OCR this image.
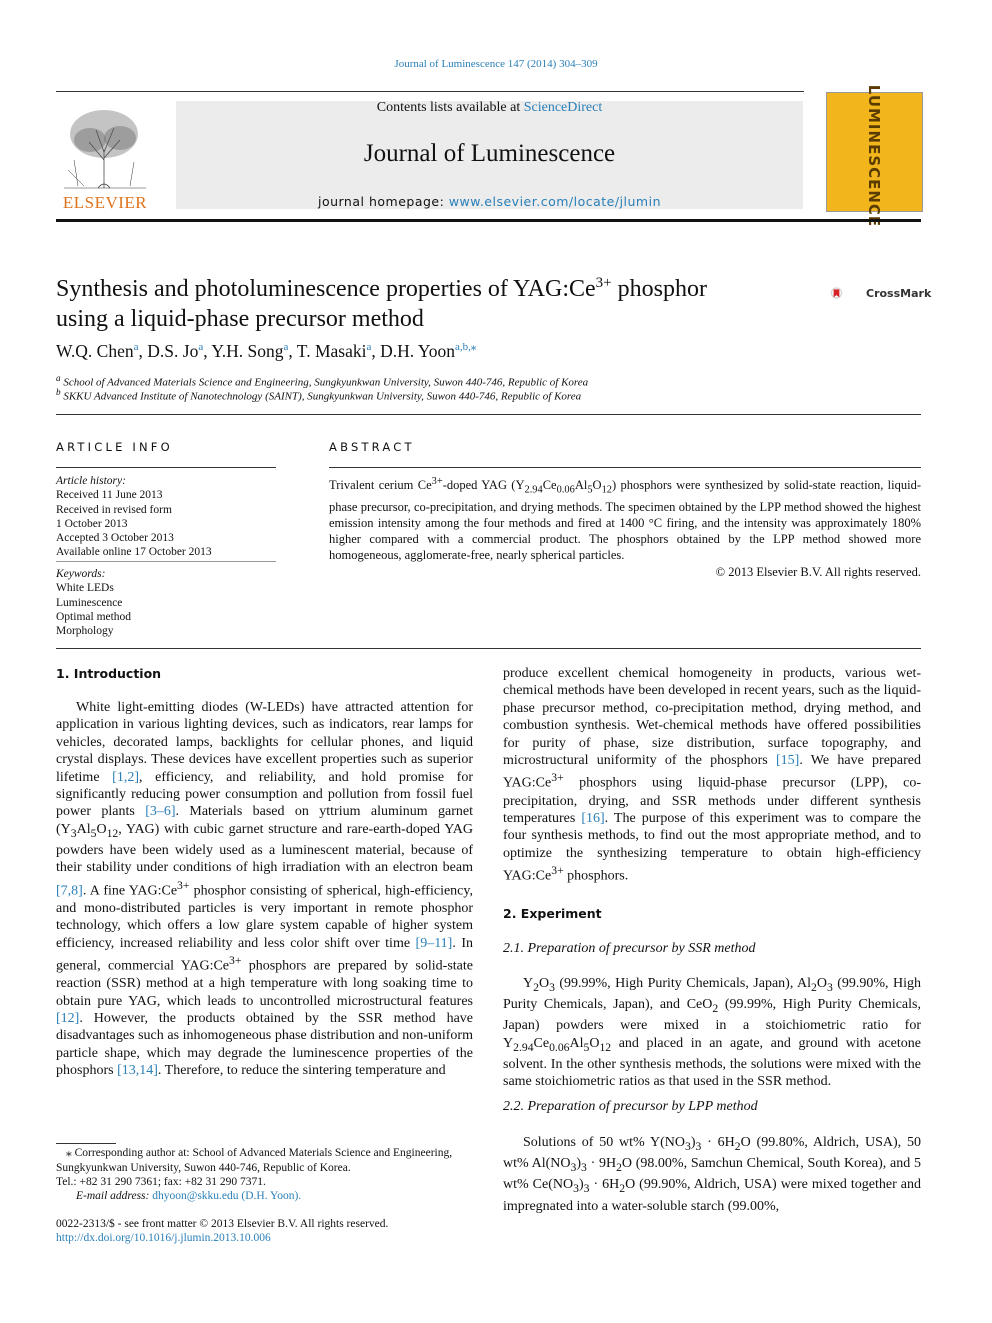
Journal of Luminescence 147 (2014) 304–309
ELSEVIER
Contents lists available at ScienceDirect
Journal of Luminescence
journal homepage: www.elsevier.com/locate/jlumin	LUMINESCENCE
Synthesis and photoluminescence properties of $YAG:Ce^{3+}$ phosphor
using a liquid-phase precursor method
CrossMark
W.Q. Chen$^a$, D.S. Jo$^a$, Y.H. Song$^a$, T. Masaki$^a$, D.H. Yoon$^{a,b,⁎}$
$^a$ School of Advanced Materials Science and Engineering, Sungkyunkwan University, Suwon 440-746, Republic of Korea
$^b$ SKKU Advanced Institute of Nanotechnology (SAINT), Sungkyunkwan University, Suwon 440-746, Republic of Korea
ARTICLE INFO
Article history:
Received 11 June 2013
Received in revised form
1 October 2013
Accepted 3 October 2013
Available online 17 October 2013
Keywords:
White LEDs
Luminescence
Optimal method
Morphology
ABSTRACT
Trivalent cerium $Ce^{3+}$-doped YAG $(Y_{2.94}Ce_{0.06}Al_5O_{12})$ phosphors were synthesized by solid-state reaction, liquid-phase precursor, co-precipitation, and drying methods. The specimen obtained by the LPP method showed the highest emission intensity among the four methods and fired at 1400 °C firing, and the intensity was approximately 180% higher compared with a commercial product. The phosphors obtained by the LPP method showed more homogeneous, agglomerate-free, nearly spherical particles.
© 2013 Elsevier B.V. All rights reserved.
1. Introduction
White light-emitting diodes (W-LEDs) have attracted attention for application in various lighting devices, such as indicators, rear lamps for vehicles, decorated lamps, backlights for cellular phones, and liquid crystal displays. These devices have excellent properties such as superior lifetime [1,2], efficiency, and reliability, and hold promise for significantly reducing power consumption and pollution from fossil fuel power plants [3–6]. Materials based on yttrium aluminum garnet ($Y_3Al_5O_{12}$, YAG) with cubic garnet structure and rare-earth-doped YAG powders have been widely used as a luminescent material, because of their stability under conditions of high irradiation with an electron beam [7,8]. A fine $YAG:Ce^{3+}$ phosphor consisting of spherical, high-efficiency, and mono-distributed particles is very important in remote phosphor technology, which offers a low glare system capable of higher system efficiency, increased reliability and less color shift over time [9–11]. In general, commercial $YAG:Ce^{3+}$ phosphors are prepared by solid-state reaction (SSR) method at a high temperature with long soaking time to obtain pure YAG, which leads to uncontrolled microstructural features [12]. However, the products obtained by the SSR method have disadvantages such as inhomogeneous phase distribution and non-uniform particle shape, which may degrade the luminescence properties of the phosphors [13,14]. Therefore, to reduce the sintering temperature and
produce excellent chemical homogeneity in products, various wet-chemical methods have been developed in recent years, such as the liquid-phase precursor method, co-precipitation method, drying method, and combustion synthesis. Wet-chemical methods have offered possibilities for purity of phase, size distribution, surface topography, and microstructural uniformity of the phosphors [15]. We have prepared $YAG:Ce^{3+}$ phosphors using liquid-phase precursor (LPP), co-precipitation, drying, and SSR methods under different synthesis temperatures [16]. The purpose of this experiment was to compare the four synthesis methods, to find out the most appropriate method, and to optimize the synthesizing temperature to obtain high-efficiency $YAG:Ce^{3+}$ phosphors.
2. Experiment
2.1. Preparation of precursor by SSR method
$Y_2O_3$ (99.99%, High Purity Chemicals, Japan), $Al_2O_3$ (99.90%, High Purity Chemicals, Japan), and CeO$_2$ (99.99%, High Purity Chemicals, Japan) powders were mixed in a stoichiometric ratio for $Y_{2.94}Ce_{0.06}Al_5O_{12}$ and placed in an agate, and ground with acetone solvent. In the other synthesis methods, the solutions were mixed with the same stoichiometric ratios as that used in the SSR method.
2.2. Preparation of precursor by LPP method
Solutions of 50 wt% $Y(NO_3)_3 \cdot 6H_2O$ (99.80%, Aldrich, USA), 50 wt% $Al(NO_3)_3 \cdot 9H_2O$ (98.00%, Samchun Chemical, South Korea), and 5 wt% $Ce(NO_3)_3 \cdot 6H_2O$ (99.90%, Aldrich, USA) were mixed together and impregnated into a water-soluble starch (99.00%,
⁎ Corresponding author at: School of Advanced Materials Science and Engineering, Sungkyunkwan University, Suwon 440-746, Republic of Korea.
Tel.: +82 31 290 7361; fax: +82 31 290 7371.
E-mail address: dhyoon@skku.edu (D.H. Yoon).
0022-2313/$ - see front matter © 2013 Elsevier B.V. All rights reserved.
http://dx.doi.org/10.1016/j.jlumin.2013.10.006
